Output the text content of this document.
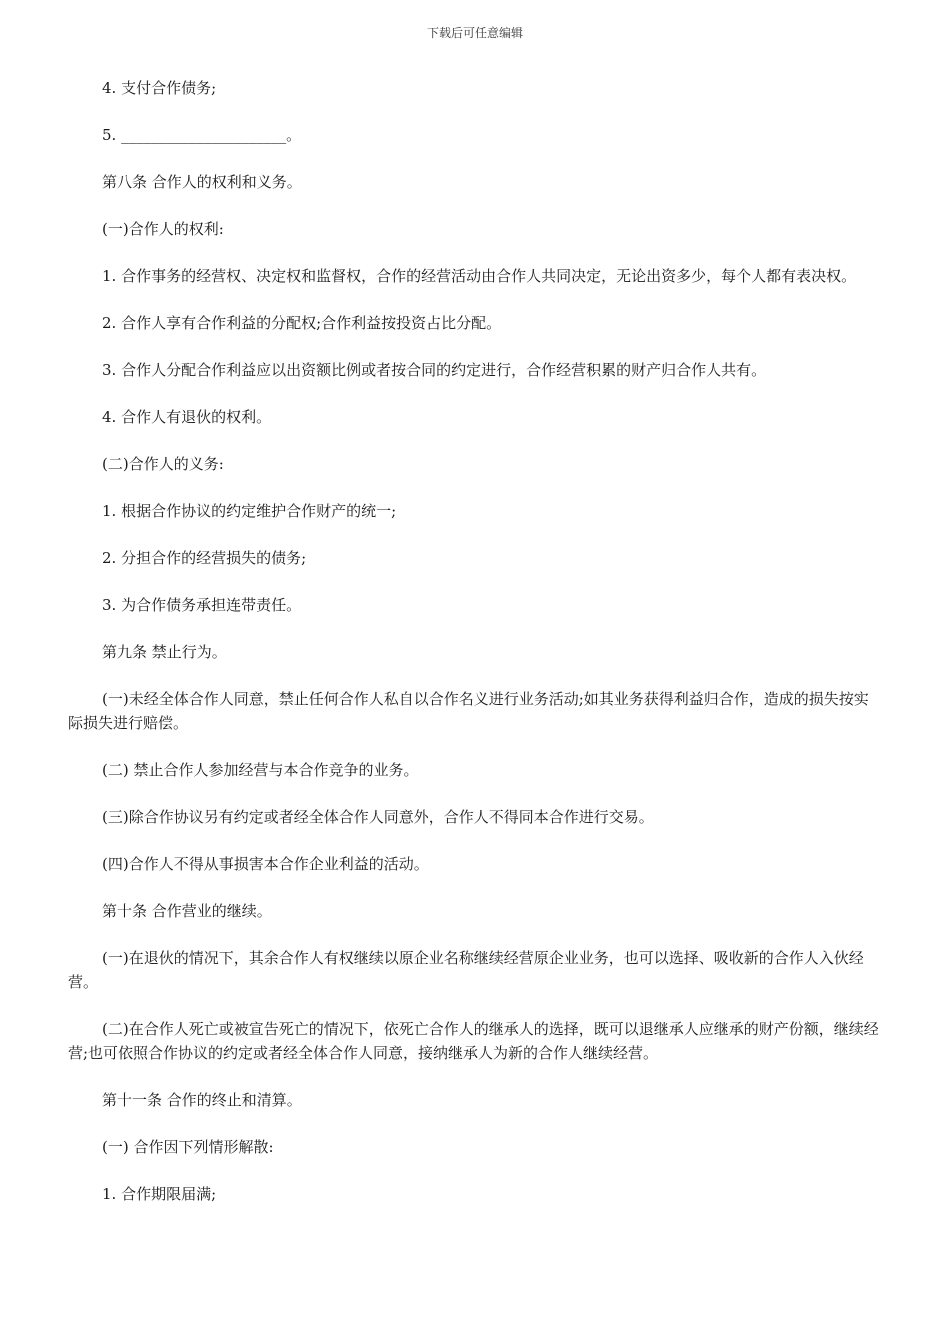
下载后可任意编辑

4. 支付合作债务;

5. ______________________。

第八条 合作人的权利和义务。

(一)合作人的权利:

1. 合作事务的经营权、决定权和监督权，合作的经营活动由合作人共同决定，无论出资多少，每个人都有表决权。

2. 合作人享有合作利益的分配权;合作利益按投资占比分配。

3. 合作人分配合作利益应以出资额比例或者按合同的约定进行，合作经营积累的财产归合作人共有。

4. 合作人有退伙的权利。

(二)合作人的义务:

1. 根据合作协议的约定维护合作财产的统一;

2. 分担合作的经营损失的债务;

3. 为合作债务承担连带责任。

第九条 禁止行为。

(一)未经全体合作人同意，禁止任何合作人私自以合作名义进行业务活动;如其业务获得利益归合作，造成的损失按实际损失进行赔偿。

(二) 禁止合作人参加经营与本合作竞争的业务。

(三)除合作协议另有约定或者经全体合作人同意外，合作人不得同本合作进行交易。

(四)合作人不得从事损害本合作企业利益的活动。

第十条 合作营业的继续。

(一)在退伙的情况下，其余合作人有权继续以原企业名称继续经营原企业业务，也可以选择、吸收新的合作人入伙经营。

(二)在合作人死亡或被宣告死亡的情况下，依死亡合作人的继承人的选择，既可以退继承人应继承的财产份额，继续经营;也可依照合作协议的约定或者经全体合作人同意，接纳继承人为新的合作人继续经营。

第十一条 合作的终止和清算。

(一) 合作因下列情形解散:

1. 合作期限届满;
